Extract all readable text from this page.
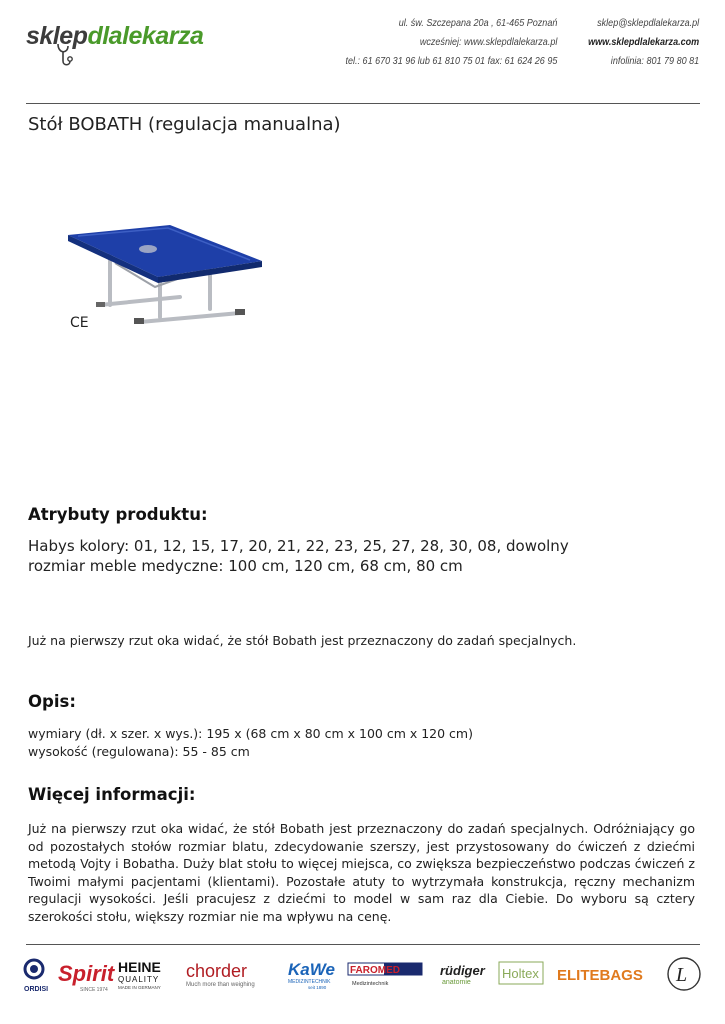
sklepdlalekarza	ul. św. Szczepana 20a , 61-465 Poznań
wcześniej: www.sklepdlalekarza.pl
tel.: 61 670 31 96 lub 61 810 75 01 fax: 61 624 26 95
sklep@sklepdlalekarza.pl
www.sklepdlalekarza.com
infolinia: 801 79 80 81
Stół BOBATH (regulacja manualna)
CE
Atrybuty produktu:
Habys kolory: 01, 12, 15, 17, 20, 21, 22, 23, 25, 27, 28, 30, 08, dowolny
rozmiar meble medyczne: 100 cm, 120 cm, 68 cm, 80 cm
Już na pierwszy rzut oka widać, że stół Bobath jest przeznaczony do zadań specjalnych.
Opis:
wymiary (dł. x szer. x wys.): 195 x (68 cm x 80 cm x 100 cm x 120 cm)
wysokość (regulowana): 55 - 85 cm
Więcej informacji:
Już na pierwszy rzut oka widać, że stół Bobath jest przeznaczony do zadań specjalnych. Odróżniający go od pozostałych stołów rozmiar blatu, zdecydowanie szerszy, jest przystosowany do ćwiczeń z dziećmi metodą Vojty i Bobatha. Duży blat stołu to więcej miejsca, co zwiększa bezpieczeństwo podczas ćwiczeń z Twoimi małymi pacjentami (klientami). Pozostałe atuty to wytrzymała konstrukcja, ręczny mechanizm regulacji wysokości. Jeśli pracujesz z dziećmi to model w sam raz dla Ciebie. Do wyboru są cztery szerokości stołu, większy rozmiar nie ma wpływu na cenę.
ORDISI
Spirit
SINCE 1974
HEINE
QUALITY
MADE IN GERMANY
chorder
Much more than weighing
KaWe
MEDIZINTECHNIK
seit 1890
FAROMED
Medizintechnik
rüdiger
anatomie
Holtex ELITEBAGS L
